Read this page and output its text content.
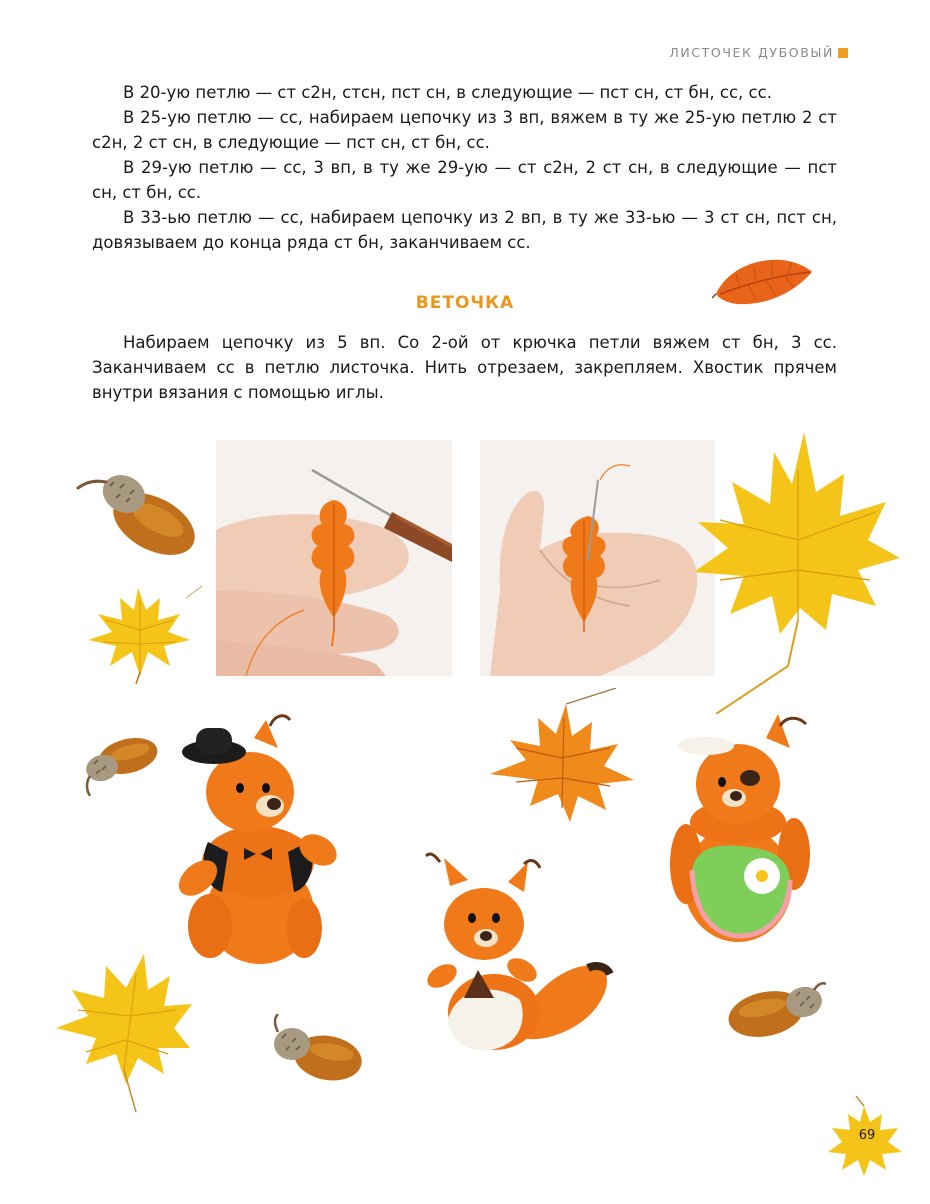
ЛИСТОЧЕК ДУБОВЫЙ

В 20-ую петлю — ст с2н, стсн, пст сн, в следующие — пст сн, ст бн, сс, сс.

В 25-ую петлю — сс, набираем цепочку из 3 вп, вяжем в ту же 25-ую петлю 2 ст с2н, 2 ст сн, в следующие — пст сн, ст бн, сс.

В 29-ую петлю — сс, 3 вп, в ту же 29-ую — ст с2н, 2 ст сн, в следующие — пст сн, ст бн, сс.

В 33-ью петлю — сс, набираем цепочку из 2 вп, в ту же 33-ью — 3 ст сн, пст сн, довязываем до конца ряда ст бн, заканчиваем сс.

ВЕТОЧКА

Набираем цепочку из 5 вп. Со 2-ой от крючка петли вяжем ст бн, 3 сс. Заканчиваем сс в петлю листочка. Нить отрезаем, закрепляем. Хвостик прячем внутри вязания с помощью иглы.

69
